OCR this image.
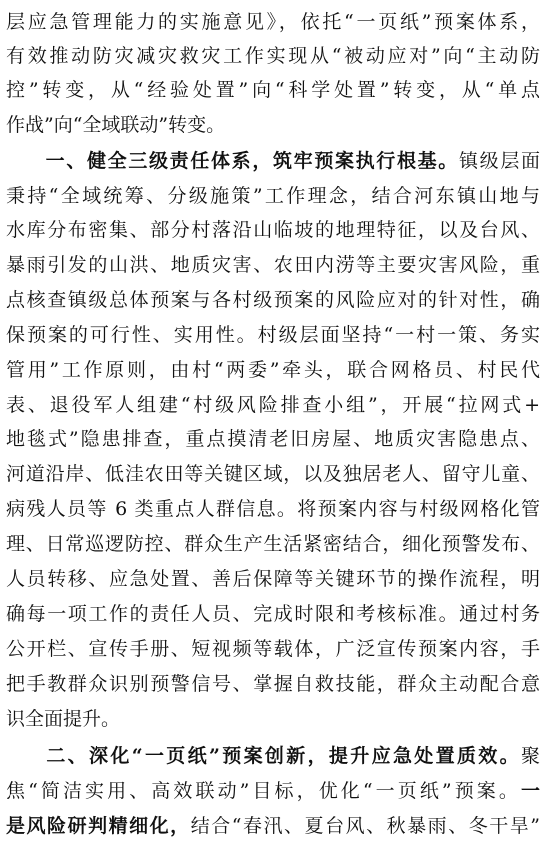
层应急管理能力的实施意见》，依托“一页纸”预案体系，
有效推动防灾减灾救灾工作实现从“被动应对”向“主动防
控”转变，从“经验处置”向“科学处置”转变，从“单点
作战”向“全域联动”转变。
一、健全三级责任体系，筑牢预案执行根基。镇级层面
秉持“全域统筹、分级施策”工作理念，结合河东镇山地与
水库分布密集、部分村落沿山临坡的地理特征，以及台风、
暴雨引发的山洪、地质灾害、农田内涝等主要灾害风险，重
点核查镇级总体预案与各村级预案的风险应对的针对性，确
保预案的可行性、实用性。村级层面坚持“一村一策、务实
管用”工作原则，由村“两委”牵头，联合网格员、村民代
表、退役军人组建“村级风险排查小组”，开展“拉网式+
地毯式”隐患排查，重点摸清老旧房屋、地质灾害隐患点、
河道沿岸、低洼农田等关键区域，以及独居老人、留守儿童、
病残人员等 6 类重点人群信息。将预案内容与村级网格化管
理、日常巡逻防控、群众生产生活紧密结合，细化预警发布、
人员转移、应急处置、善后保障等关键环节的操作流程，明
确每一项工作的责任人员、完成时限和考核标准。通过村务
公开栏、宣传手册、短视频等载体，广泛宣传预案内容，手
把手教群众识别预警信号、掌握自救技能，群众主动配合意
识全面提升。
二、深化“一页纸”预案创新，提升应急处置质效。聚
焦“简洁实用、高效联动”目标，优化“一页纸”预案。一
是风险研判精细化，结合“春汛、夏台风、秋暴雨、冬干旱”
